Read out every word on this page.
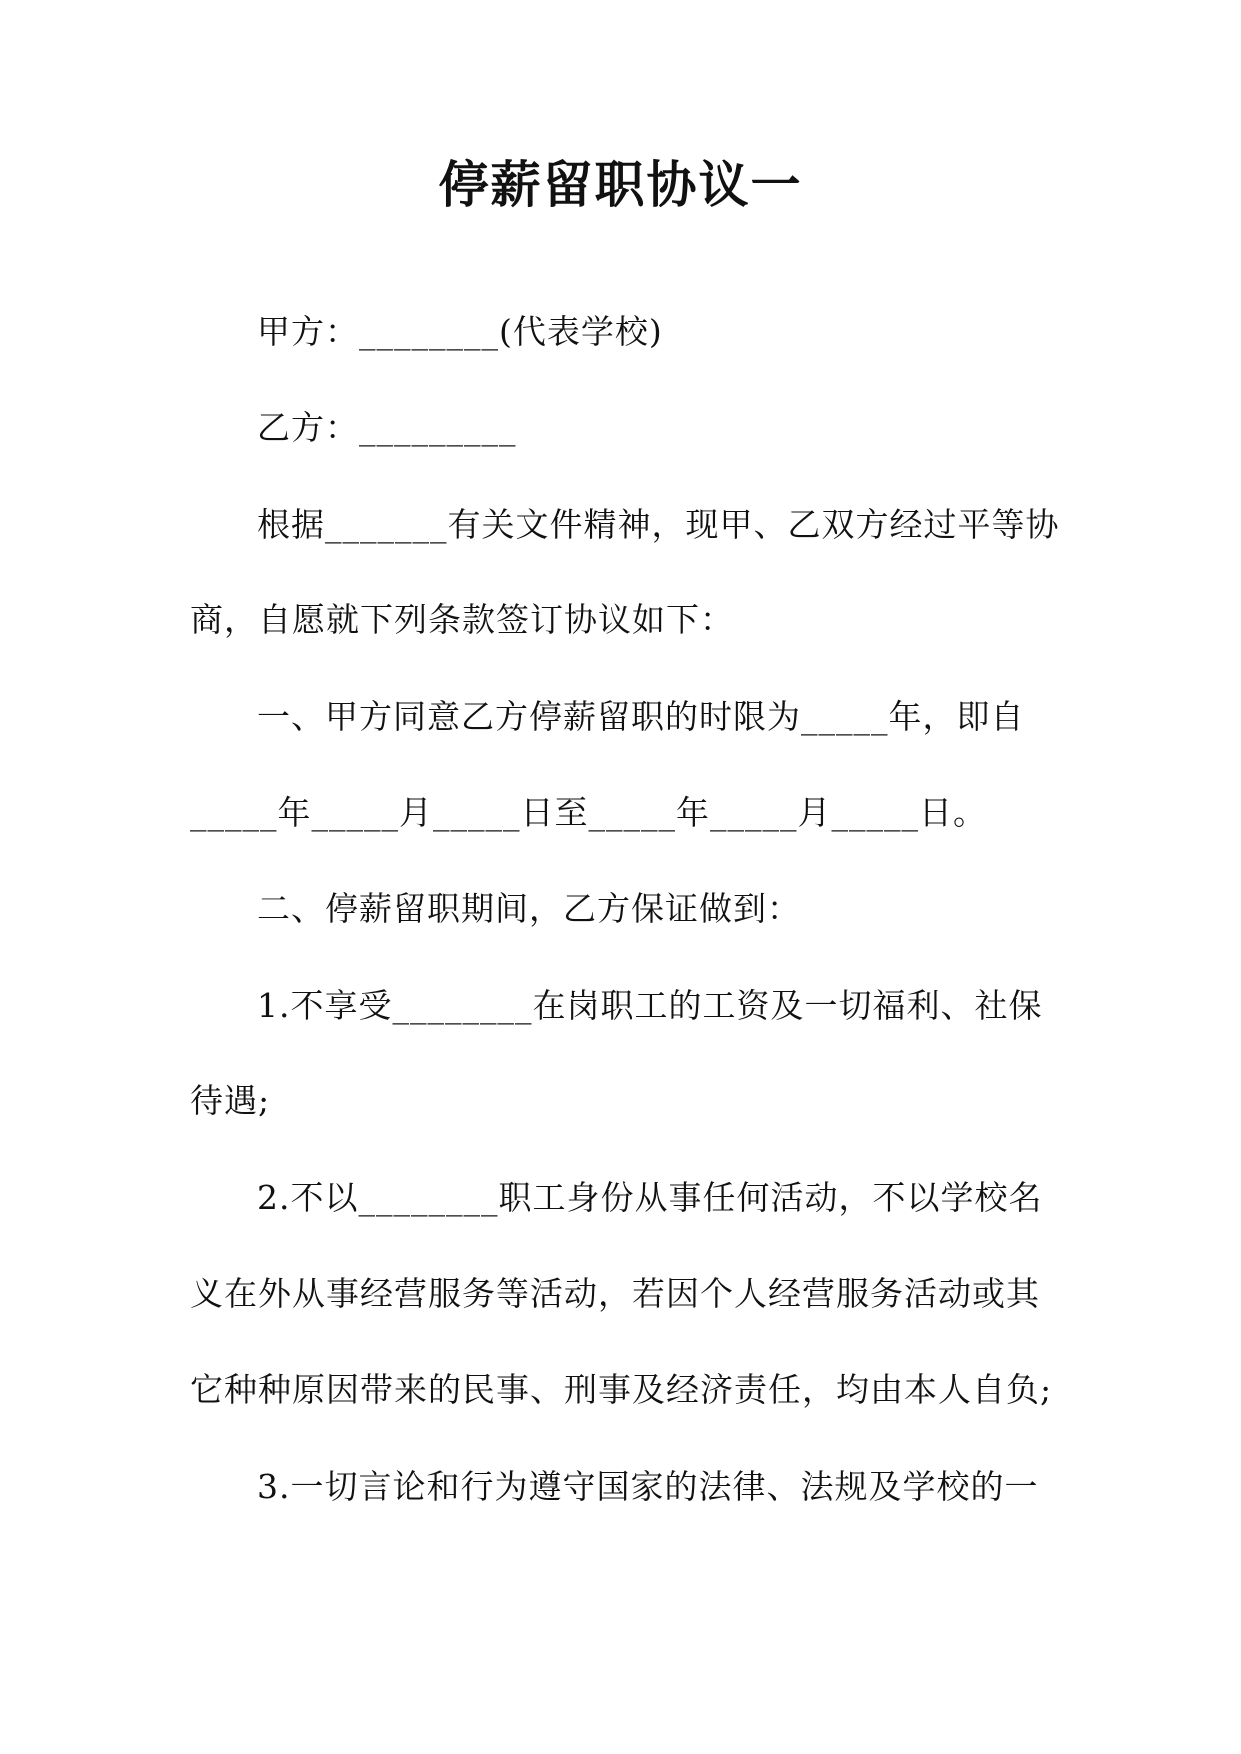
停薪留职协议一

甲方：________(代表学校)

乙方：_________

根据_______有关文件精神，现甲、乙双方经过平等协

商，自愿就下列条款签订协议如下：

一、甲方同意乙方停薪留职的时限为_____年，即自

_____年_____月_____日至_____年_____月_____日。

二、停薪留职期间，乙方保证做到：

1.不享受________在岗职工的工资及一切福利、社保

待遇;

2.不以________职工身份从事任何活动，不以学校名

义在外从事经营服务等活动，若因个人经营服务活动或其

它种种原因带来的民事、刑事及经济责任，均由本人自负;

3.一切言论和行为遵守国家的法律、法规及学校的一
